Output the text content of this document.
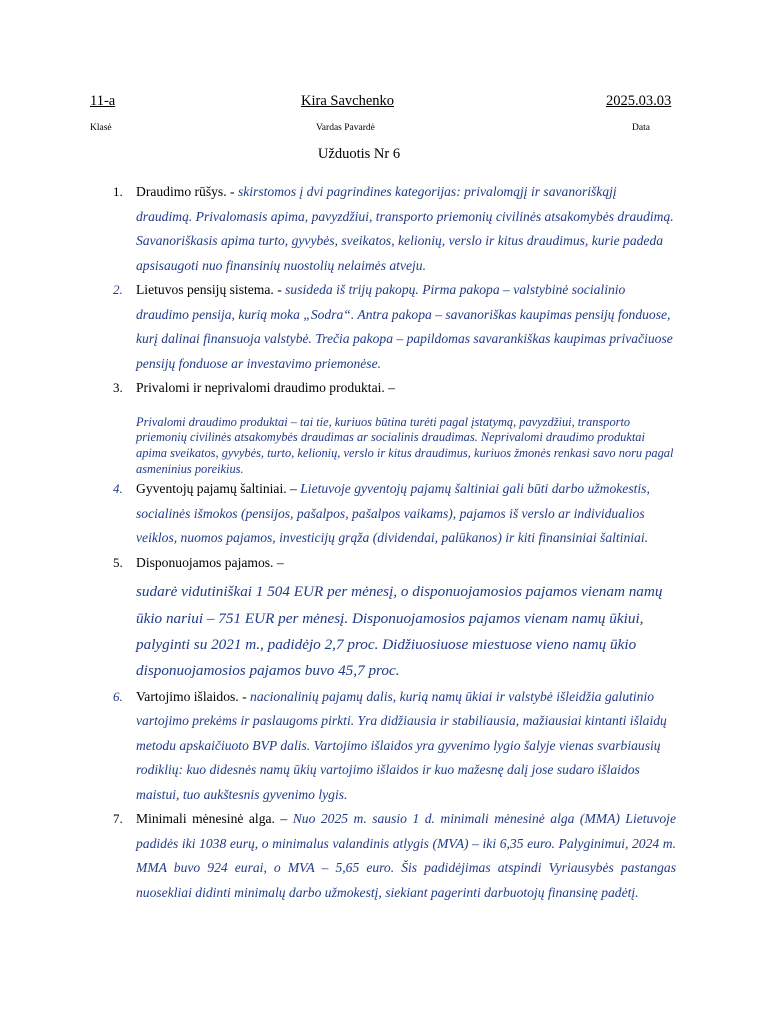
11-a	Kira Savchenko	2025.03.03
Klasė	Vardas Pavardė	Data
Užduotis Nr 6
1. Draudimo rūšys. - skirstomos į dvi pagrindines kategorijas: privalomąjį ir savanoriškąjį draudimą. Privalomasis apima, pavyzdžiui, transporto priemonių civilinės atsakomybės draudimą. Savanoriškasis apima turto, gyvybės, sveikatos, kelionių, verslo ir kitus draudimus, kurie padeda apsisaugoti nuo finansinių nuostolių nelaimės atveju.
2. Lietuvos pensijų sistema. - susideda iš trijų pakopų. Pirma pakopa – valstybinė socialinio draudimo pensija, kurią moka „Sodra“. Antra pakopa – savanoriškas kaupimas pensijų fonduose, kurį dalinai finansuoja valstybė. Trečia pakopa – papildomas savarankiškas kaupimas privačiuose pensijų fonduose ar investavimo priemonėse.
3. Privalomi ir neprivalomi draudimo produktai. –
Privalomi draudimo produktai – tai tie, kuriuos būtina turėti pagal įstatymą, pavyzdžiui, transporto priemonių civilinės atsakomybės draudimas ar socialinis draudimas. Neprivalomi draudimo produktai apima sveikatos, gyvybės, turto, kelionių, verslo ir kitus draudimus, kuriuos žmonės renkasi savo noru pagal asmeninius poreikius.
4. Gyventojų pajamų šaltiniai. – Lietuvoje gyventojų pajamų šaltiniai gali būti darbo užmokestis, socialinės išmokos (pensijos, pašalpos, pašalpos vaikams), pajamos iš verslo ar individualios veiklos, nuomos pajamos, investicijų grąža (dividendai, palūkanos) ir kiti finansiniai šaltiniai.
5. Disponuojamos pajamos. –
sudarė vidutiniškai 1 504 EUR per mėnesį, o disponuojamosios pajamos vienam namų ūkio nariui – 751 EUR per mėnesį. Disponuojamosios pajamos vienam namų ūkiui, palyginti su 2021 m., padidėjo 2,7 proc. Didžiuosiuose miestuose vieno namų ūkio disponuojamosios pajamos buvo 45,7 proc.
6. Vartojimo išlaidos. - nacionalinių pajamų dalis, kurią namų ūkiai ir valstybė išleidžia galutinio vartojimo prekėms ir paslaugoms pirkti. Yra didžiausia ir stabiliausia, mažiausiai kintanti išlaidų metodu apskaičiuoto BVP dalis. Vartojimo išlaidos yra gyvenimo lygio šalyje vienas svarbiausių rodiklių: kuo didesnės namų ūkių vartojimo išlaidos ir kuo mažesnę dalį jose sudaro išlaidos maistui, tuo aukštesnis gyvenimo lygis.
7. Minimali mėnesinė alga. – Nuo 2025 m. sausio 1 d. minimali mėnesinė alga (MMA) Lietuvoje padidės iki 1038 eurų, o minimalus valandinis atlygis (MVA) – iki 6,35 euro. Palyginimui, 2024 m. MMA buvo 924 eurai, o MVA – 5,65 euro. Šis padidėjimas atspindi Vyriausybės pastangas nuosekliai didinti minimalų darbo užmokestį, siekiant pagerinti darbuotojų finansinę padėtį.
